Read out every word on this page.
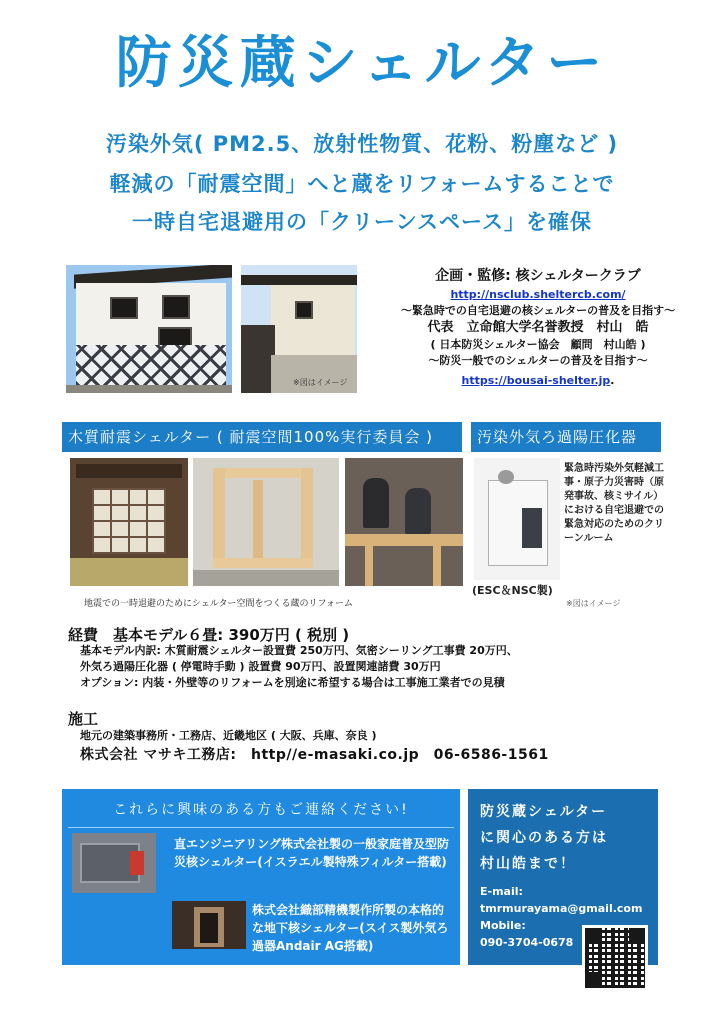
防災蔵シェルター
汚染外気( PM2.5、放射性物質、花粉、粉塵など )
軽減の「耐震空間」へと蔵をリフォームすることで
一時自宅退避用の「クリーンスペース」を確保
※図はイメージ
企画・監修: 核シェルタークラブ
http://nsclub.sheltercb.com/
～緊急時での自宅退避の核シェルターの普及を目指す～
代表　立命館大学名誉教授　村山　皓
( 日本防災シェルター協会　顧問　村山皓 )
～防災一般でのシェルターの普及を目指す～
https://bousai-shelter.jp.
木質耐震シェルター ( 耐震空間100%実行委員会 )	汚染外気ろ過陽圧化器
地震での一時退避のためにシェルター空間をつくる蔵のリフォーム
緊急時汚染外気軽減工事・原子力災害時（原発事故、核ミサイル）における自宅退避での緊急対応のためのクリーンルーム
(ESC＆NSC製)
※図はイメージ
経費　基本モデル６畳: 390万円 ( 税別 )
基本モデル内訳: 木質耐震シェルター設置費 250万円、気密シーリング工事費 20万円、
外気ろ過陽圧化器 ( 停電時手動 ) 設置費 90万円、設置関連諸費 30万円
オプション: 内装・外壁等のリフォームを別途に希望する場合は工事施工業者での見積
施工
地元の建築事務所・工務店、近畿地区 ( 大阪、兵庫、奈良 )
株式会社 マサキ工務店:　http//e-masaki.co.jp　06-6586-1561
これらに興味のある方もご連絡ください!
直エンジニアリング株式会社製の一般家庭普及型防災核シェルター(イスラエル製特殊フィルター搭載)
株式会社織部精機製作所製の本格的な地下核シェルター(スイス製外気ろ過器Andair AG搭載)
防災蔵シェルター
に関心のある方は
村山皓まで！
E-mail:
tmrmurayama@gmail.com
Mobile:
090-3704-0678
